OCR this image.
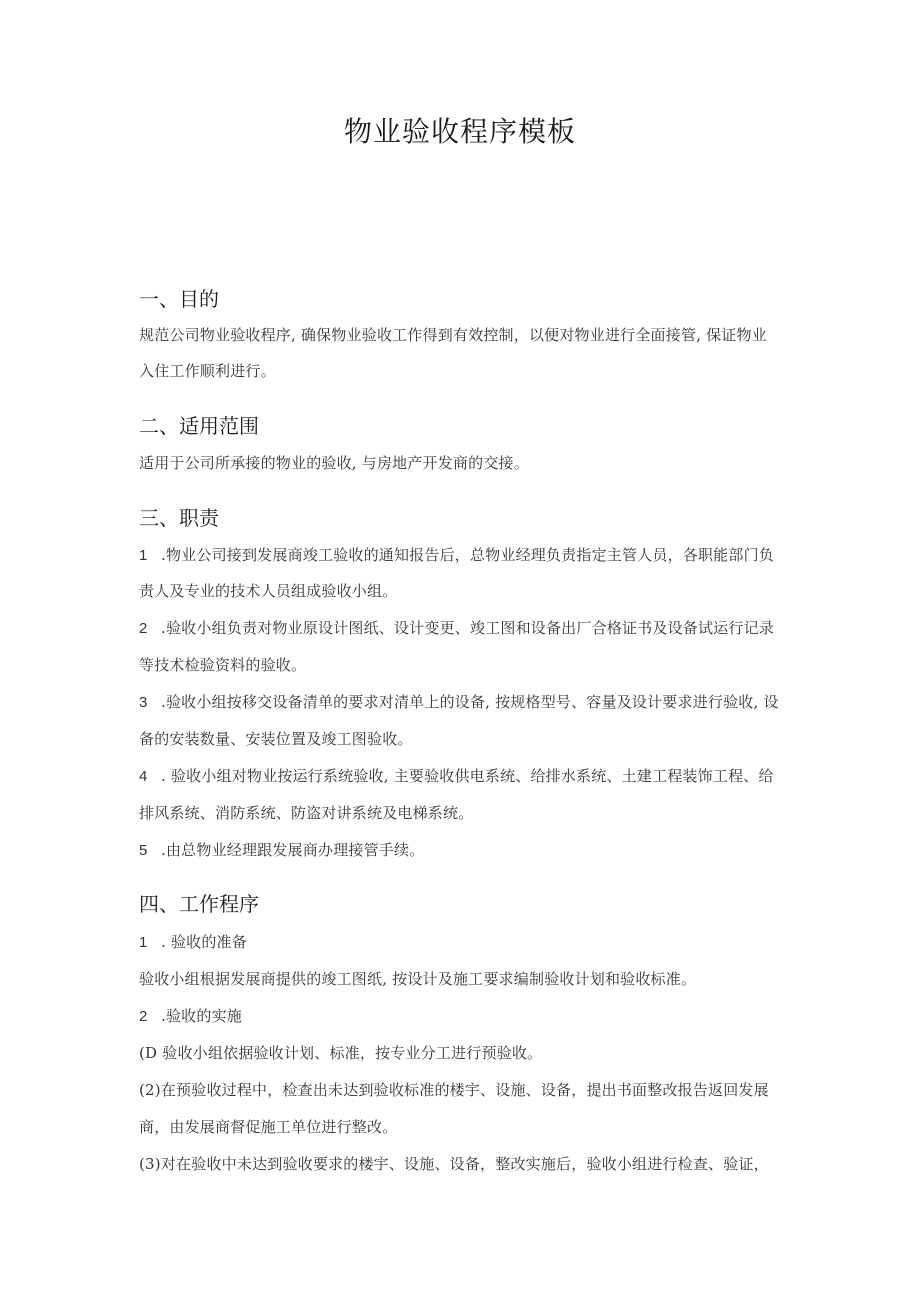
物业验收程序模板
一、目的
规范公司物业验收程序, 确保物业验收工作得到有效控制，以便对物业进行全面接管, 保证物业
入住工作顺利进行。
二、适用范围
适用于公司所承接的物业的验收, 与房地产开发商的交接。
三、职责
1 .物业公司接到发展商竣工验收的通知报告后，总物业经理负责指定主管人员，各职能部门负
责人及专业的技术人员组成验收小组。
2 .验收小组负责对物业原设计图纸、设计变更、竣工图和设备出厂合格证书及设备试运行记录
等技术检验资料的验收。
3 .验收小组按移交设备清单的要求对清单上的设备, 按规格型号、容量及设计要求进行验收, 设
备的安装数量、安装位置及竣工图验收。
4 . 验收小组对物业按运行系统验收, 主要验收供电系统、给排水系统、土建工程装饰工程、给
排风系统、消防系统、防盗对讲系统及电梯系统。
5 .由总物业经理跟发展商办理接管手续。
四、工作程序
1 . 验收的准备
验收小组根据发展商提供的竣工图纸, 按设计及施工要求编制验收计划和验收标准。
2 .验收的实施
(D 验收小组依据验收计划、标准，按专业分工进行预验收。
(2)在预验收过程中，检查出未达到验收标准的楼宇、设施、设备，提出书面整改报告返回发展
商，由发展商督促施工单位进行整改。
(3)对在验收中未达到验收要求的楼宇、设施、设备，整改实施后，验收小组进行检查、验证，
